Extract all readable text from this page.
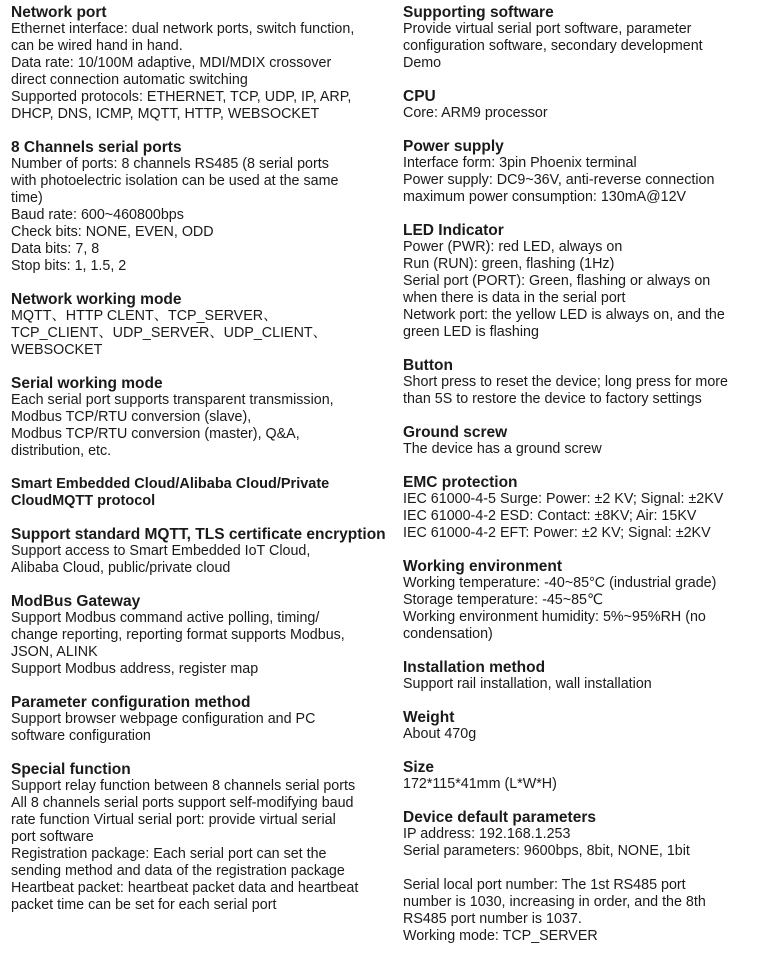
Network port
Ethernet interface: dual network ports, switch function,
can be wired hand in hand.
Data rate: 10/100M adaptive, MDI/MDIX crossover
direct connection automatic switching
Supported protocols: ETHERNET, TCP, UDP, IP, ARP,
DHCP, DNS, ICMP, MQTT, HTTP, WEBSOCKET
8 Channels serial ports
Number of ports: 8 channels RS485 (8 serial ports
with photoelectric isolation can be used at the same
time)
Baud rate: 600~460800bps
Check bits: NONE, EVEN, ODD
Data bits: 7, 8
Stop bits: 1, 1.5, 2
Network working mode
MQTT、HTTP CLENT、TCP_SERVER、
TCP_CLIENT、UDP_SERVER、UDP_CLIENT、
WEBSOCKET
Serial working mode
Each serial port supports transparent transmission,
Modbus TCP/RTU conversion (slave),
Modbus TCP/RTU conversion (master), Q&A,
distribution, etc.
Smart Embedded Cloud/Alibaba Cloud/Private
CloudMQTT protocol
Support standard MQTT, TLS certificate encryption
Support access to Smart Embedded IoT Cloud,
Alibaba Cloud, public/private cloud
ModBus Gateway
Support Modbus command active polling, timing/
change reporting, reporting format supports Modbus,
JSON, ALINK
Support Modbus address, register map
Parameter configuration method
Support browser webpage configuration and PC
software configuration
Special function
Support relay function between 8 channels serial ports
All 8 channels serial ports support self-modifying baud
rate function Virtual serial port: provide virtual serial
port software
Registration package: Each serial port can set the
sending method and data of the registration package
Heartbeat packet: heartbeat packet data and heartbeat
packet time can be set for each serial port
Supporting software
Provide virtual serial port software, parameter
configuration software, secondary development
Demo
CPU
Core: ARM9 processor
Power supply
Interface form: 3pin Phoenix terminal
Power supply: DC9~36V, anti-reverse connection
maximum power consumption: 130mA@12V
LED Indicator
Power (PWR): red LED, always on
Run (RUN): green, flashing (1Hz)
Serial port (PORT): Green, flashing or always on
when there is data in the serial port
Network port: the yellow LED is always on, and the
green LED is flashing
Button
Short press to reset the device; long press for more
than 5S to restore the device to factory settings
Ground screw
The device has a ground screw
EMC protection
IEC 61000-4-5 Surge: Power: ±2 KV; Signal: ±2KV
IEC 61000-4-2 ESD: Contact: ±8KV; Air: 15KV
IEC 61000-4-2 EFT: Power: ±2 KV; Signal: ±2KV
Working environment
Working temperature: -40~85°C (industrial grade)
Storage temperature: -45~85℃
Working environment humidity: 5%~95%RH (no
condensation)
Installation method
Support rail installation, wall installation
Weight
About 470g
Size
172*115*41mm (L*W*H)
Device default parameters
IP address: 192.168.1.253
Serial parameters: 9600bps, 8bit, NONE, 1bit
Serial local port number: The 1st RS485 port
number is 1030, increasing in order, and the 8th
RS485 port number is 1037.
Working mode: TCP_SERVER
